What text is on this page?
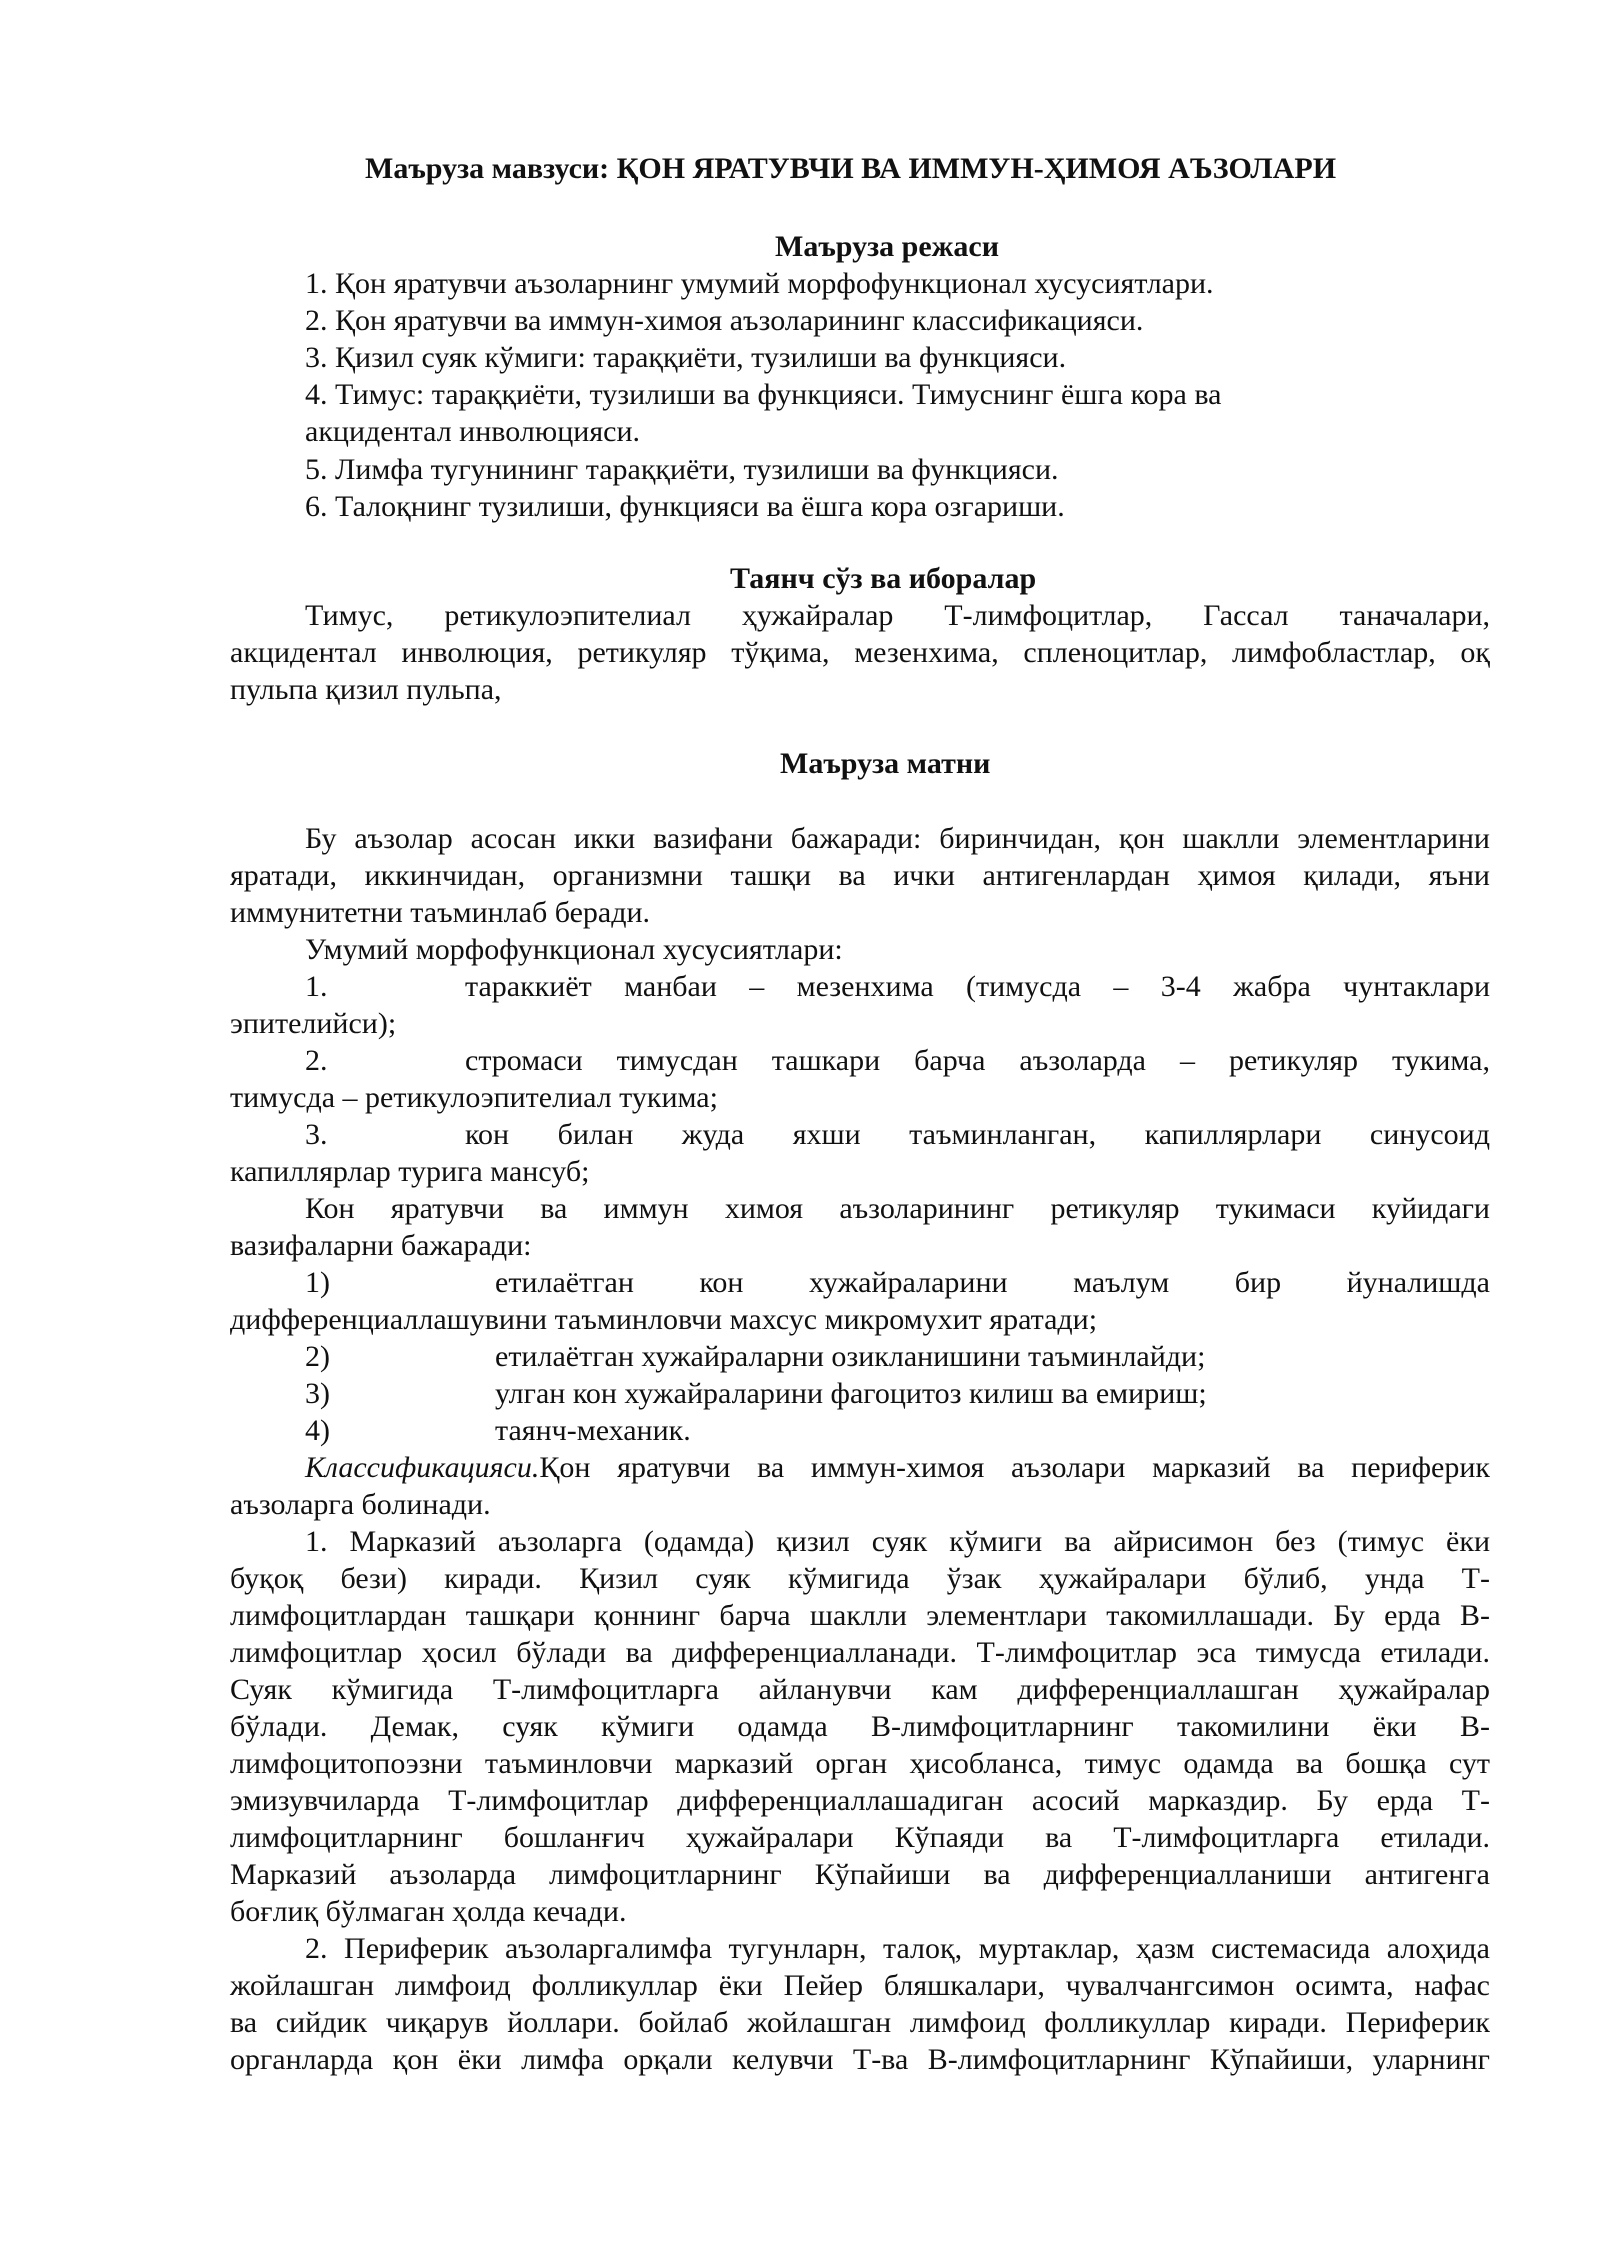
Маъруза мавзуси: ҚОН ЯРАТУВЧИ ВА ИММУН-ҲИМОЯ АЪЗОЛАРИ
Маъруза режаси
1. Қон яратувчи аъзоларнинг умумий морфофункционал хусусиятлари.
2. Қон яратувчи ва иммун-химоя аъзоларининг классификацияси.
3. Қизил суяк кўмиги: тараққиёти, тузилиши ва функцияси.
4. Тимус: тараққиёти, тузилиши ва функцияси. Тимуснинг ёшга кора ва
акцидентал инволюцияси.
5. Лимфа тугунининг тараққиёти, тузилиши ва функцияси.
6. Талоқнинг тузилиши, функцияси ва ёшга кора озгариши.
Таянч сўз ва иборалар
Тимус, ретикулоэпителиал ҳужайралар Т-лимфоцитлар, Гассал таначалари,
акцидентал инволюция, ретикуляр тўқима, мезенхима, спленоцитлар, лимфобластлар, оқ
пульпа қизил пульпа,
Маъруза матни
Бу аъзолар асосан икки вазифани бажаради: биринчидан, қон шаклли элементларини
яратади, иккинчидан, организмни ташқи ва ички антигенлардан ҳимоя қилади, яъни
иммунитетни таъминлаб беради.
Умумий морфофункционал хусусиятлари:
1.	тараккиёт манбаи – мезенхима (тимусда – 3-4 жабра чунтаклари
эпителийси);
2.	стромаси тимусдан ташкари барча аъзоларда – ретикуляр тукима,
тимусда – ретикулоэпителиал тукима;
3.	кон билан жуда яхши таъминланган, капиллярлари синусоид
капиллярлар турига мансуб;
Кон яратувчи ва иммун химоя аъзоларининг ретикуляр тукимаси куйидаги
вазифаларни бажаради:
1)	етилаётган кон хужайраларини маълум бир йуналишда
дифференциаллашувини таъминловчи махсус микромухит яратади;
2)	етилаётган хужайраларни озикланишини таъминлайди;
3)	улган кон хужайраларини фагоцитоз килиш ва емириш;
4)	таянч-механик.
Классификацияси.Қон яратувчи ва иммун-химоя аъзолари марказий ва периферик
аъзоларга болинади.
1. Марказий аъзоларга (одамда) қизил суяк кўмиги ва айрисимон без (тимус ёки
буқоқ бези) киради. Қизил суяк кўмигида ўзак ҳужайралари бўлиб, унда Т-
лимфоцитлардан ташқари қоннинг барча шаклли элементлари такомиллашади. Бу ерда В-
лимфоцитлар ҳосил бўлади ва дифференциалланади. Т-лимфоцитлар эса тимусда етилади.
Суяк кўмигида Т-лимфоцитларга айланувчи кам дифференциаллашган ҳужайралар
бўлади. Демак, суяк кўмиги одамда В-лимфоцитларнинг такомилини ёки В-
лимфоцитопоэзни таъминловчи марказий орган ҳисобланса, тимус одамда ва бошқа сут
эмизувчиларда Т-лимфоцитлар дифференциаллашадиган асосий марказдир. Бу ерда Т-
лимфоцитларнинг бошланғич ҳужайралари Кўпаяди ва Т-лимфоцитларга етилади.
Марказий аъзоларда лимфоцитларнинг Кўпайиши ва дифференциалланиши антигенга
боғлиқ бўлмаган ҳолда кечади.
2. Периферик аъзоларгалимфа тугунларн, талоқ, муртаклар, ҳазм системасида алоҳида
жойлашган лимфоид фолликуллар ёки Пейер бляшкалари, чувалчангсимон осимта, нафас
ва сийдик чиқарув йоллари. бойлаб жойлашган лимфоид фолликуллар киради. Периферик
органларда қон ёки лимфа орқали келувчи Т-ва В-лимфоцитларнинг Кўпайиши, уларнинг
